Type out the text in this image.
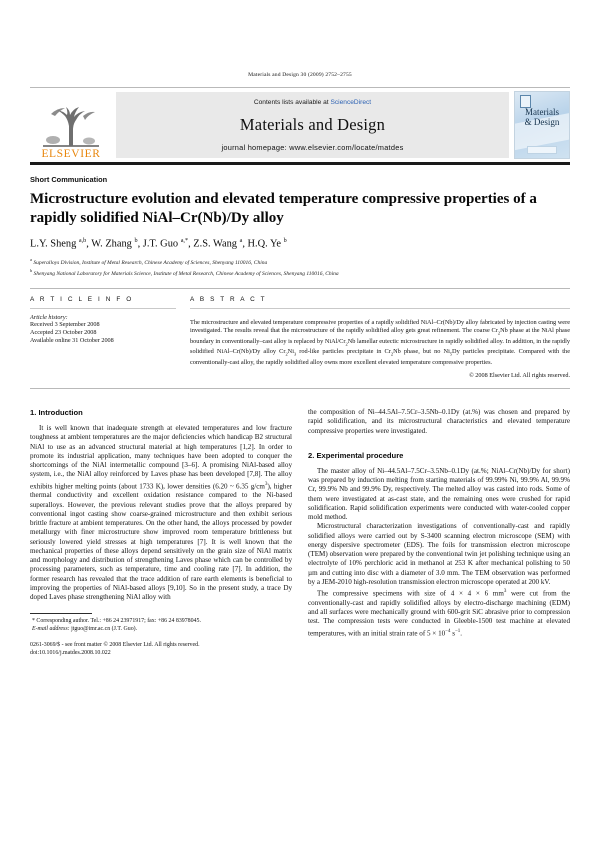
Materials and Design 30 (2009) 2752–2755
ELSEVIER
Contents lists available at ScienceDirect
Materials and Design
journal homepage: www.elsevier.com/locate/matdes
Materials
& Design
Short Communication
Microstructure evolution and elevated temperature compressive properties of a rapidly solidified NiAl–Cr(Nb)/Dy alloy
L.Y. Sheng $^{a,b}$, W. Zhang $^b$, J.T. Guo $^{a,*}$, Z.S. Wang $^a$, H.Q. Ye $^b$
$^a$ Superalloys Division, Institute of Metal Research, Chinese Academy of Sciences, Shenyang 110016, China
$^b$ Shenyang National Laboratory for Materials Science, Institute of Metal Research, Chinese Academy of Sciences, Shenyang 110016, China
A R T I C L E I N F O
Article history:
Received 3 September 2008
Accepted 23 October 2008
Available online 31 October 2008
A B S T R A C T
The microstructure and elevated temperature compressive properties of a rapidly solidified NiAl–Cr(Nb)/Dy alloy fabricated by injection casting were investigated. The results reveal that the microstructure of the rapidly solidified alloy gets great refinement. The coarse $Cr_2Nb$ phase at the NiAl phase boundary in conventionally–cast alloy is replaced by NiAl/$Cr_2Nb$ lamellar eutectic microstructure in rapidly solidified alloy. In addition, in the rapidly solidified NiAl–Cr(Nb)/Dy alloy $Cr_2Ni_3$ rod-like particles precipitate in $Cr_2Nb$ phase, but no $Ni_5Dy$ particles precipitate. Compared with the conventionally-cast alloy, the rapidly solidified alloy owns more excellent elevated temperature compressive properties.
© 2008 Elsevier Ltd. All rights reserved.
1. Introduction

It is well known that inadequate strength at elevated temperatures and low fracture toughness at ambient temperatures are the major deficiencies which handicap B2 structural NiAl to use as an advanced structural material at high temperatures [1,2]. In order to promote its industrial application, many techniques have been adopted to conquer the shortcomings of the NiAl intermetallic compound [3–6]. A promising NiAl-based alloy system, i.e., the NiAl alloy reinforced by Laves phase has been developed [7,8]. The alloy exhibits higher melting points (about 1733 K), lower densities (6.20 ~ 6.35 $g/cm^3$), higher thermal conductivity and excellent oxidation resistance compared to the Ni-based superalloys. However, the previous relevant studies prove that the alloys prepared by conventional ingot casting show coarse-grained microstructure and then exhibit serious brittle fracture at ambient temperatures. On the other hand, the alloys processed by powder metallurgy with finer microstructure show improved room temperature brittleness but seriously lowered yield stresses at high temperatures [7]. It is well known that the mechanical properties of these alloys depend sensitively on the grain size of NiAl matrix and morphology and distribution of strengthening Laves phase which can be controlled by processing parameters, such as temperature, time and cooling rate [7]. In addition, the former research has revealed that the trace addition of rare earth elements is beneficial to improving the properties of NiAl-based alloys [9,10]. So in the present study, a trace Dy doped Laves phase strengthening NiAl alloy with

* Corresponding author. Tel.: +86 24 23971917; fax: +86 24 83978045.
E-mail address: jtguo@imr.ac.cn (J.T. Guo).
0261-3069/$ - see front matter © 2008 Elsevier Ltd. All rights reserved.
doi:10.1016/j.matdes.2008.10.022

the composition of Ni–44.5Al–7.5Cr–3.5Nb–0.1Dy (at.%) was chosen and prepared by rapid solidification, and its microstructural characteristics and elevated temperature compressive properties were investigated.

2. Experimental procedure

The master alloy of Ni–44.5Al–7.5Cr–3.5Nb–0.1Dy (at.%; NiAl–Cr(Nb)/Dy for short) was prepared by induction melting from starting materials of 99.99% Ni, 99.9% Al, 99.9% Cr, 99.9% Nb and 99.9% Dy, respectively. The melted alloy was casted into rods. Some of them were investigated at as-cast state, and the remaining ones were crushed for rapid solidification. Rapid solidification experiments were conducted with water-cooled copper mold method.

Microstructural characterization investigations of conventionally-cast and rapidly solidified alloys were carried out by S-3400 scanning electron microscope (SEM) with energy dispersive spectrometer (EDS). The foils for transmission electron microscope (TEM) observation were prepared by the conventional twin jet polishing technique using an electrolyte of 10% perchloric acid in methanol at 253 K after mechanical polishing to 50 µm and cutting into disc with a diameter of 3.0 mm. The TEM observation was performed by a JEM-2010 high-resolution transmission electron microscope operated at 200 kV.

The compressive specimens with size of 4 × 4 × 6 $mm^3$ were cut from the conventionally-cast and rapidly solidified alloys by electro-discharge machining (EDM) and all surfaces were mechanically ground with 600-grit SiC abrasive prior to compression test. The compression tests were conducted in Gleeble-1500 test machine at elevated temperatures, with an initial strain rate of $5 \times 10^{-4}$ $s^{-1}$.
